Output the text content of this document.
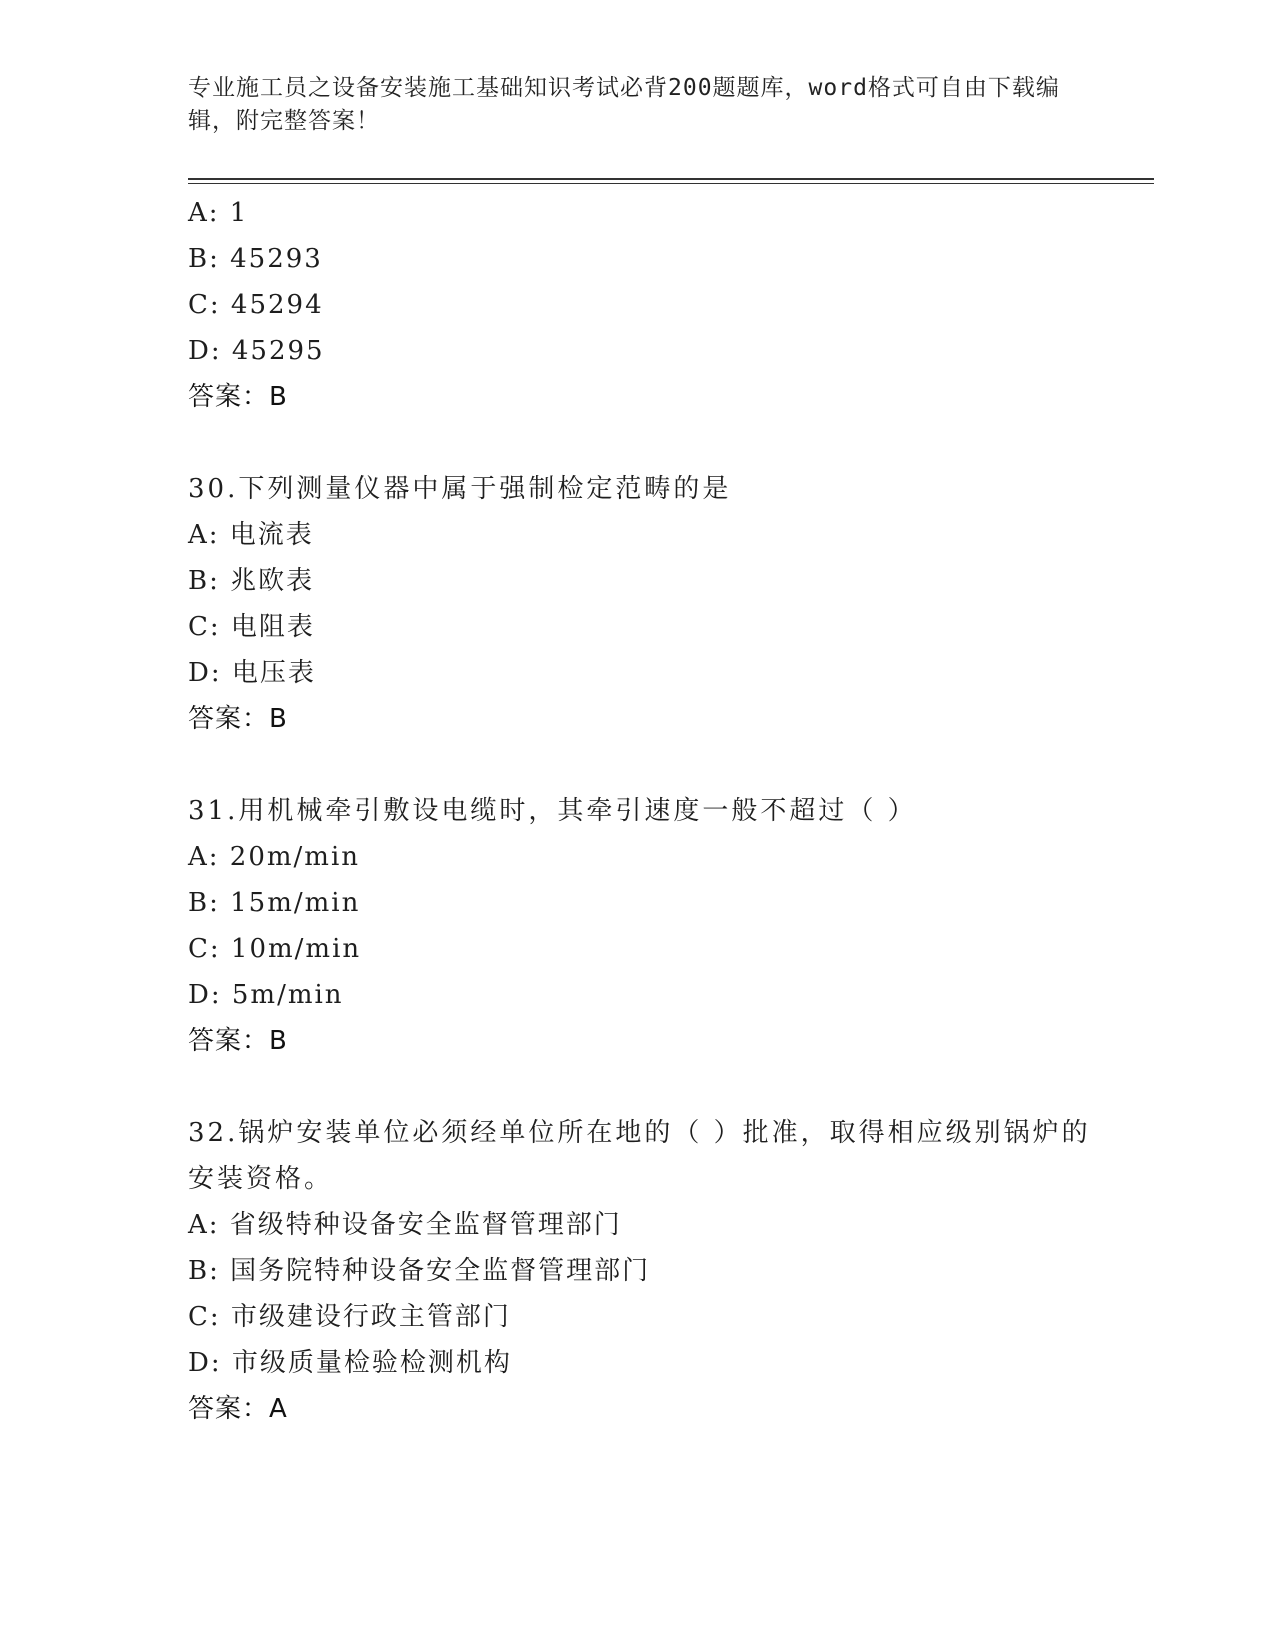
专业施工员之设备安装施工基础知识考试必背200题题库，word格式可自由下载编辑，附完整答案！
A: 1
B: 45293
C: 45294
D: 45295
答案：B
30.下列测量仪器中属于强制检定范畴的是
A: 电流表
B: 兆欧表
C: 电阻表
D: 电压表
答案：B
31.用机械牵引敷设电缆时，其牵引速度一般不超过（ ）
A: 20m/min
B: 15m/min
C: 10m/min
D: 5m/min
答案：B
32.锅炉安装单位必须经单位所在地的（ ）批准，取得相应级别锅炉的安装资格。
A: 省级特种设备安全监督管理部门
B: 国务院特种设备安全监督管理部门
C: 市级建设行政主管部门
D: 市级质量检验检测机构
答案：A
